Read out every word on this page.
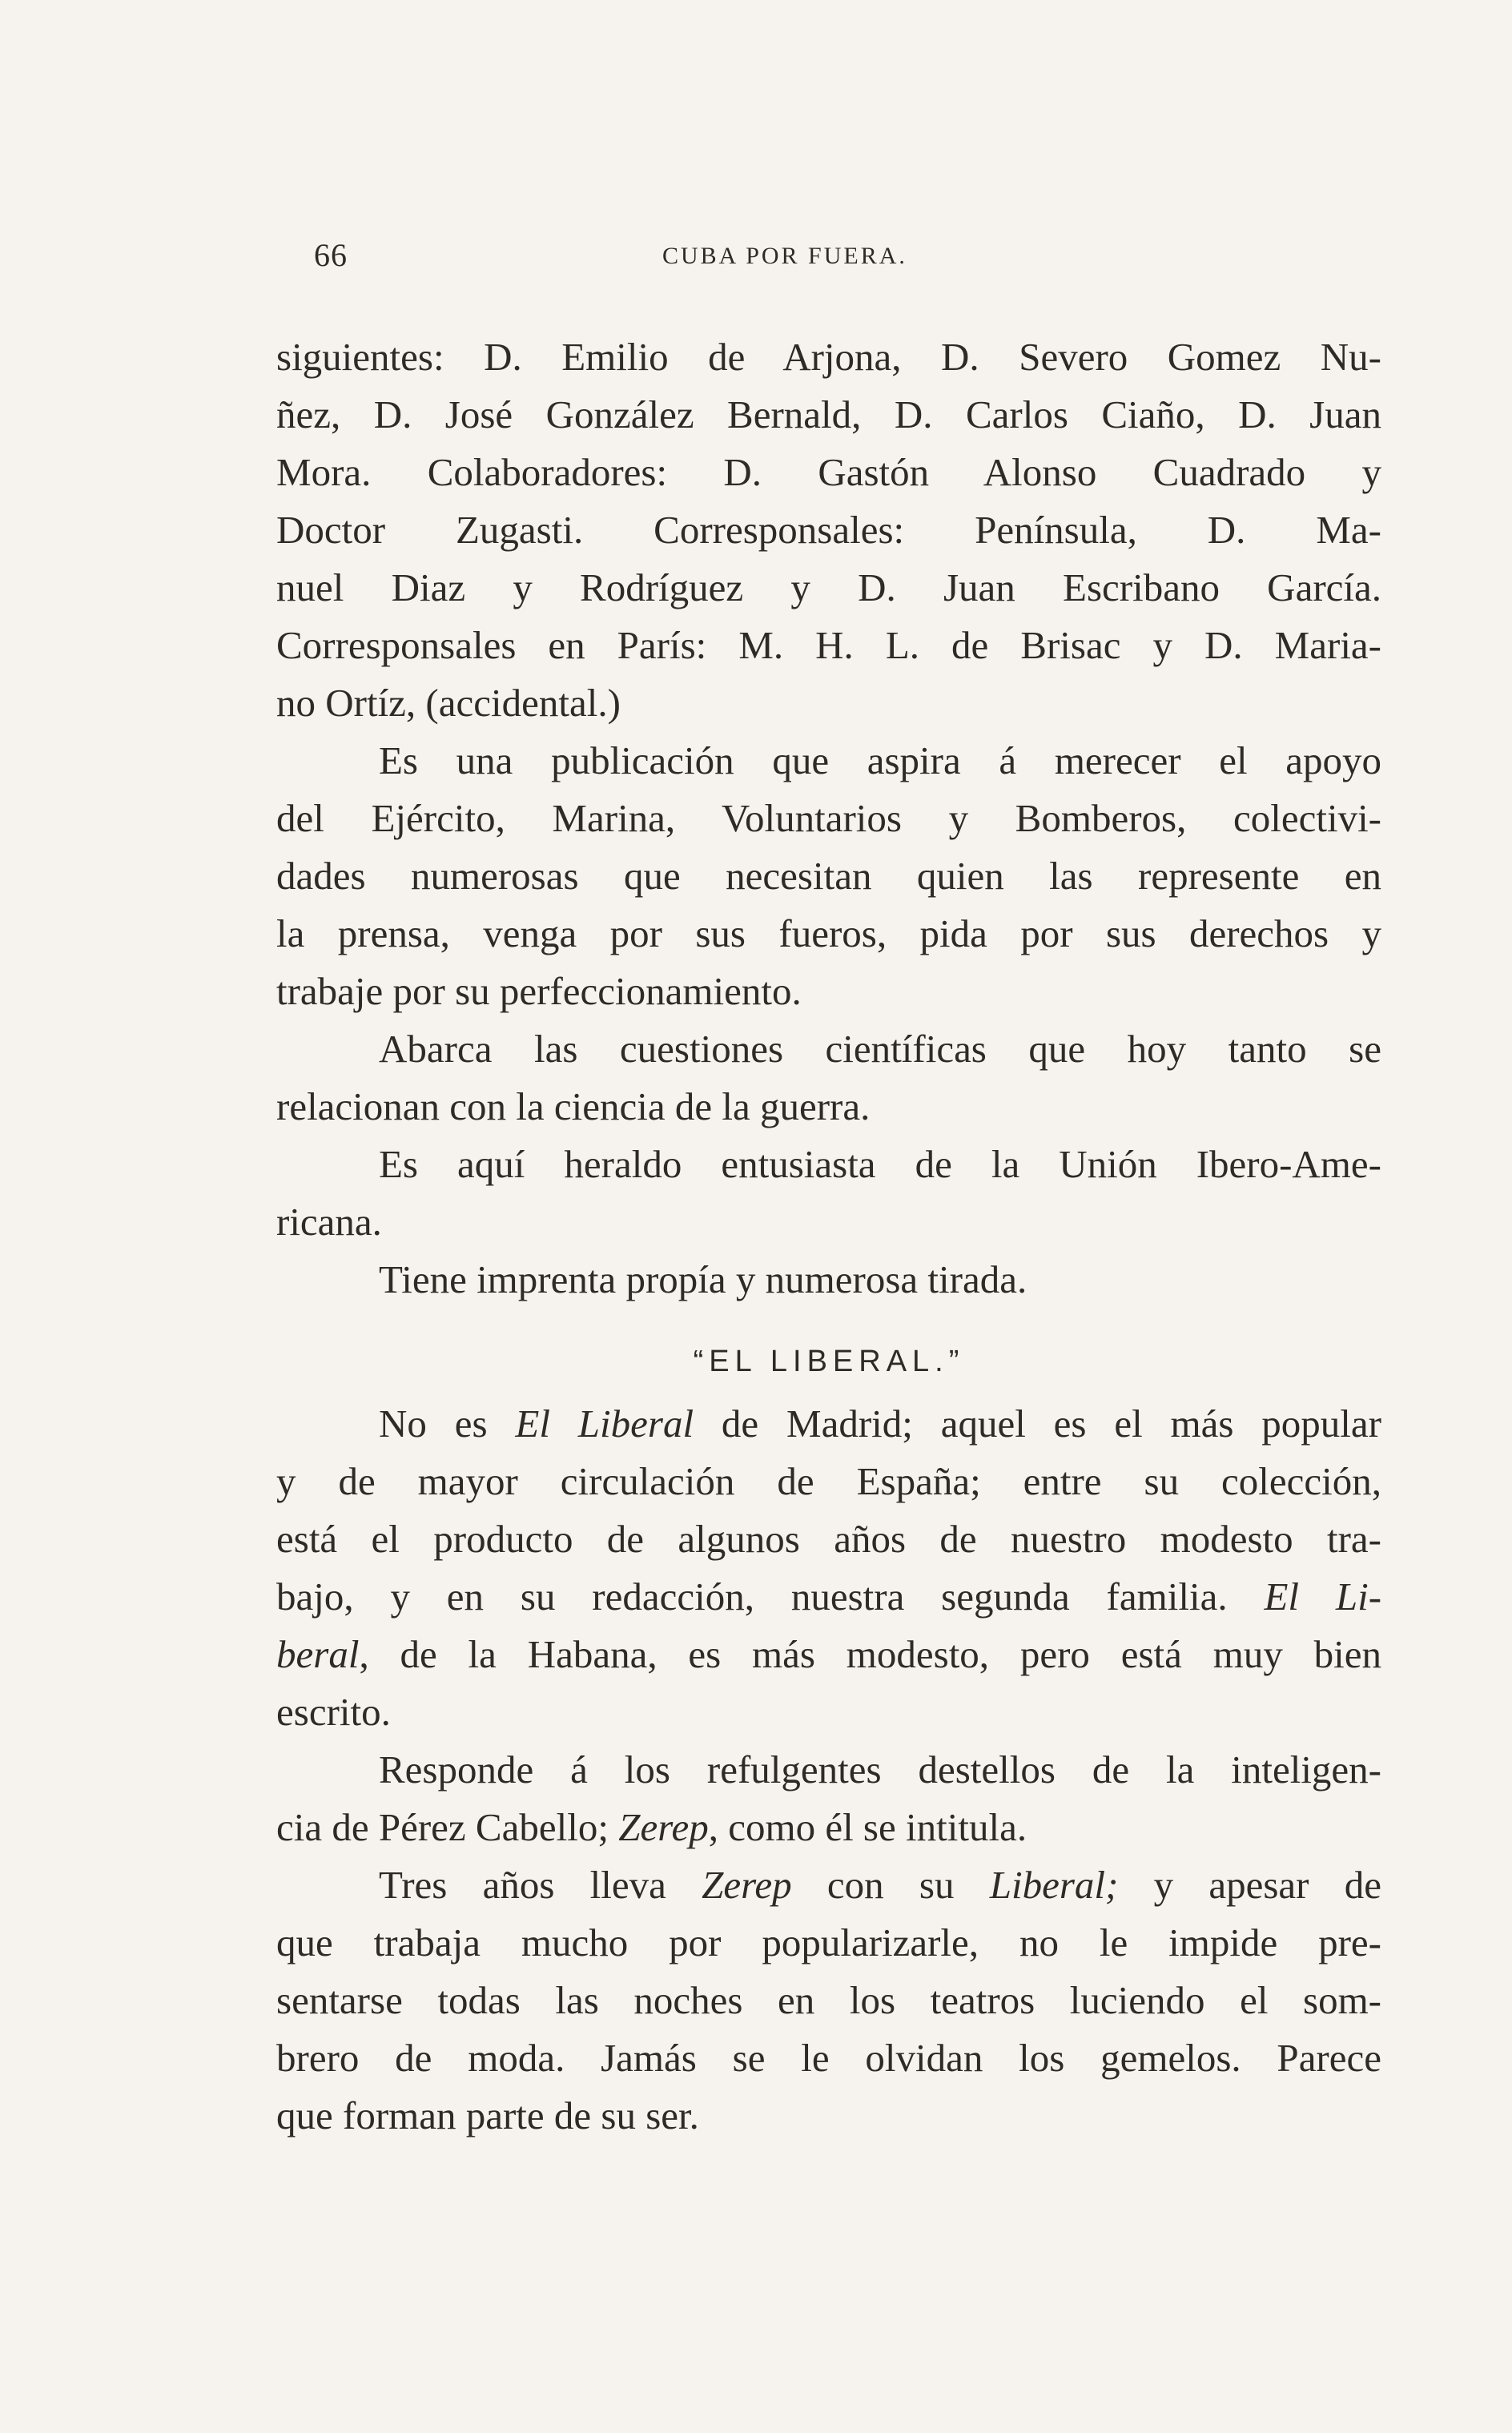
66	CUBA POR FUERA.
siguientes: D. Emilio de Arjona, D. Severo Gomez Nu-
ñez, D. José González Bernald, D. Carlos Ciaño, D. Juan
Mora. Colaboradores: D. Gastón Alonso Cuadrado y
Doctor Zugasti. Corresponsales: Península, D. Ma-
nuel Diaz y Rodríguez y D. Juan Escribano García.
Corresponsales en París: M. H. L. de Brisac y D. Maria-
no Ortíz, (accidental.)
Es una publicación que aspira á merecer el apoyo
del Ejército, Marina, Voluntarios y Bomberos, colectivi-
dades numerosas que necesitan quien las represente en
la prensa, venga por sus fueros, pida por sus derechos y
trabaje por su perfeccionamiento.
Abarca las cuestiones científicas que hoy tanto se
relacionan con la ciencia de la guerra.
Es aquí heraldo entusiasta de la Unión Ibero-Ame-
ricana.
Tiene imprenta propía y numerosa tirada.
“EL LIBERAL.”
No es El Liberal de Madrid; aquel es el más popular
y de mayor circulación de España; entre su colección,
está el producto de algunos años de nuestro modesto tra-
bajo, y en su redacción, nuestra segunda familia. El Li-
beral, de la Habana, es más modesto, pero está muy bien
escrito.
Responde á los refulgentes destellos de la inteligen-
cia de Pérez Cabello; Zerep, como él se intitula.
Tres años lleva Zerep con su Liberal; y apesar de
que trabaja mucho por popularizarle, no le impide pre-
sentarse todas las noches en los teatros luciendo el som-
brero de moda. Jamás se le olvidan los gemelos. Parece
que forman parte de su ser.
